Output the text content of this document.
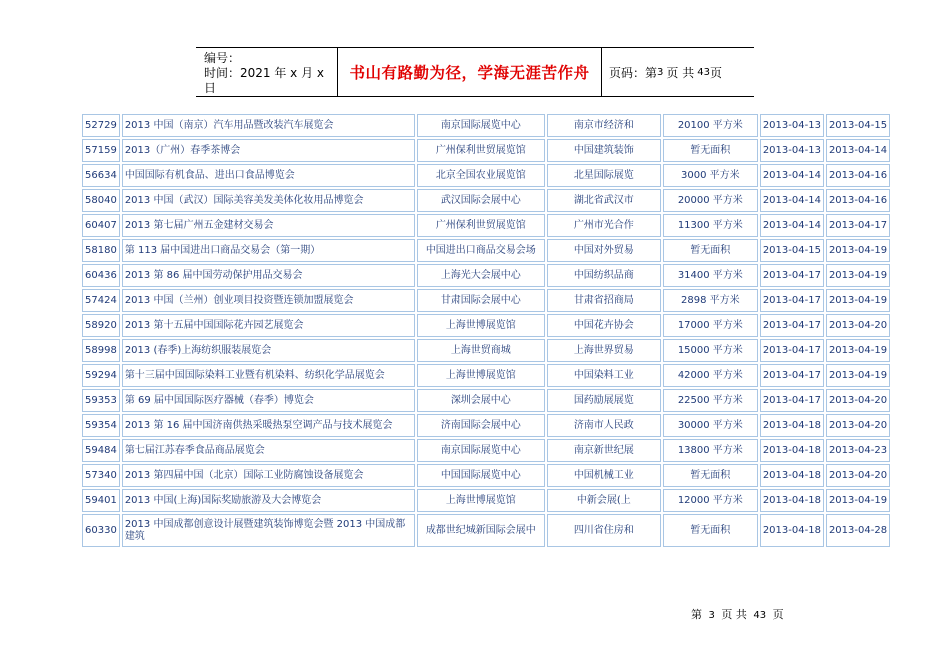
编号：
时间：2021 年 x 月 x 日
书山有路勤为径，学海无涯苦作舟	页码：第 3 页 共 43 页
52729	2013 中国（南京）汽车用品暨改装汽车展览会	南京国际展览中心	南京市经济和	20100 平方米	2013-04-13	2013-04-15
57159	2013（广州）春季茶博会	广州保利世贸展览馆	中国建筑装饰	暂无面积	2013-04-13	2013-04-14
56634	中国国际有机食品、进出口食品博览会	北京全国农业展览馆	北星国际展览	3000 平方米	2013-04-14	2013-04-16
58040	2013 中国（武汉）国际美容美发美体化妆用品博览会	武汉国际会展中心	湖北省武汉市	20000 平方米	2013-04-14	2013-04-16
60407	2013 第七届广州五金建材交易会	广州保利世贸展览馆	广州市光合作	11300 平方米	2013-04-14	2013-04-17
58180	第 113 届中国进出口商品交易会（第一期）	中国进出口商品交易会场	中国对外贸易	暂无面积	2013-04-15	2013-04-19
60436	2013 第 86 届中国劳动保护用品交易会	上海光大会展中心	中国纺织品商	31400 平方米	2013-04-17	2013-04-19
57424	2013 中国（兰州）创业项目投资暨连锁加盟展览会	甘肃国际会展中心	甘肃省招商局	2898 平方米	2013-04-17	2013-04-19
58920	2013 第十五届中国国际花卉园艺展览会	上海世博展览馆	中国花卉协会	17000 平方米	2013-04-17	2013-04-20
58998	2013 (春季)上海纺织服装展览会	上海世贸商城	上海世界贸易	15000 平方米	2013-04-17	2013-04-19
59294	第十三届中国国际染料工业暨有机染料、纺织化学品展览会	上海世博展览馆	中国染料工业	42000 平方米	2013-04-17	2013-04-19
59353	第 69 届中国国际医疗器械（春季）博览会	深圳会展中心	国药励展展览	22500 平方米	2013-04-17	2013-04-20
59354	2013 第 16 届中国济南供热采暖热泵空调产品与技术展览会	济南国际会展中心	济南市人民政	30000 平方米	2013-04-18	2013-04-20
59484	第七届江苏春季食品商品展览会	南京国际展览中心	南京新世纪展	13800 平方米	2013-04-18	2013-04-23
57340	2013 第四届中国（北京）国际工业防腐蚀设备展览会	中国国际展览中心	中国机械工业	暂无面积	2013-04-18	2013-04-20
59401	2013 中国(上海)国际奖励旅游及大会博览会	上海世博展览馆	中新会展(上	12000 平方米	2013-04-18	2013-04-19
60330	2013 中国成都创意设计展暨建筑装饰博览会暨 2013 中国成都建筑	成都世纪城新国际会展中	四川省住房和	暂无面积	2013-04-18	2013-04-28
第 3 页 共 43 页
